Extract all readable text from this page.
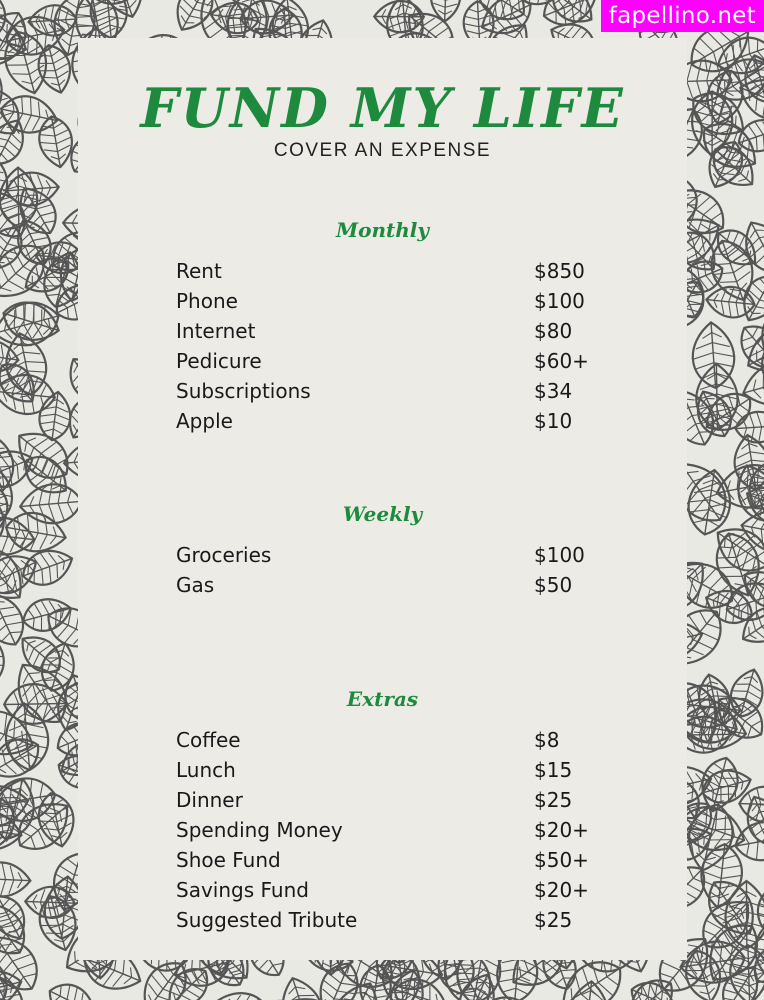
fapellino.net
FUND MY LIFE
COVER AN EXPENSE
Monthly
Rent	$850
Phone	$100
Internet	$80
Pedicure	$60+
Subscriptions	$34
Apple	$10
Weekly
Groceries	$100
Gas	$50
Extras
Coffee	$8
Lunch	$15
Dinner	$25
Spending Money	$20+
Shoe Fund	$50+
Savings Fund	$20+
Suggested Tribute	$25
